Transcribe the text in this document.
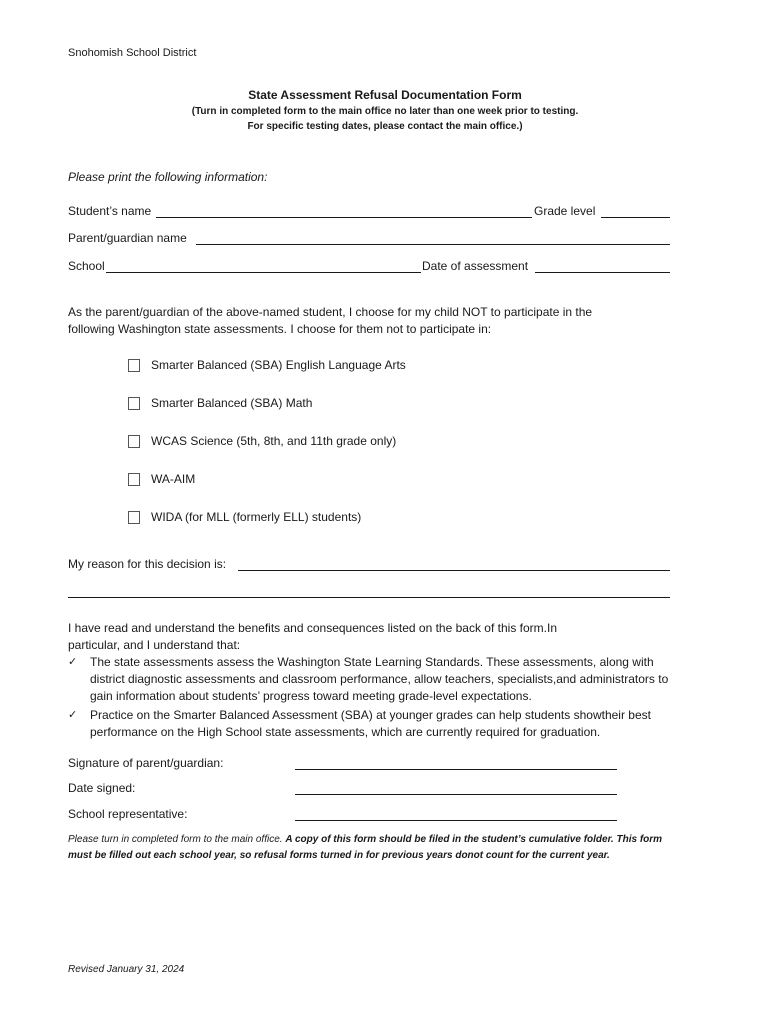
Snohomish School District
State Assessment Refusal Documentation Form
(Turn in completed form to the main office no later than one week prior to testing.
For specific testing dates, please contact the main office.)
Please print the following information:
Student’s name	Grade level
Parent/guardian name
School	Date of assessment
As the parent/guardian of the above-named student, I choose for my child NOT to participate in the
following Washington state assessments. I choose for them not to participate in:
Smarter Balanced (SBA) English Language Arts
Smarter Balanced (SBA) Math
WCAS Science (5th, 8th, and 11th grade only)
WA-AIM
WIDA (for MLL (formerly ELL) students)
My reason for this decision is:
I have read and understand the benefits and consequences listed on the back of this form.In
particular, and I understand that:
✓	The state assessments assess the Washington State Learning Standards. These assessments, along with district diagnostic assessments and classroom performance, allow teachers, specialists,and administrators to gain information about students’ progress toward meeting grade-level expectations.
✓	Practice on the Smarter Balanced Assessment (SBA) at younger grades can help students showtheir best performance on the High School state assessments, which are currently required for graduation.
Signature of parent/guardian:
Date signed:
School representative:
Please turn in completed form to the main office. A copy of this form should be filed in the student’s cumulative folder. This form must be filled out each school year, so refusal forms turned in for previous years donot count for the current year.
Revised January 31, 2024
